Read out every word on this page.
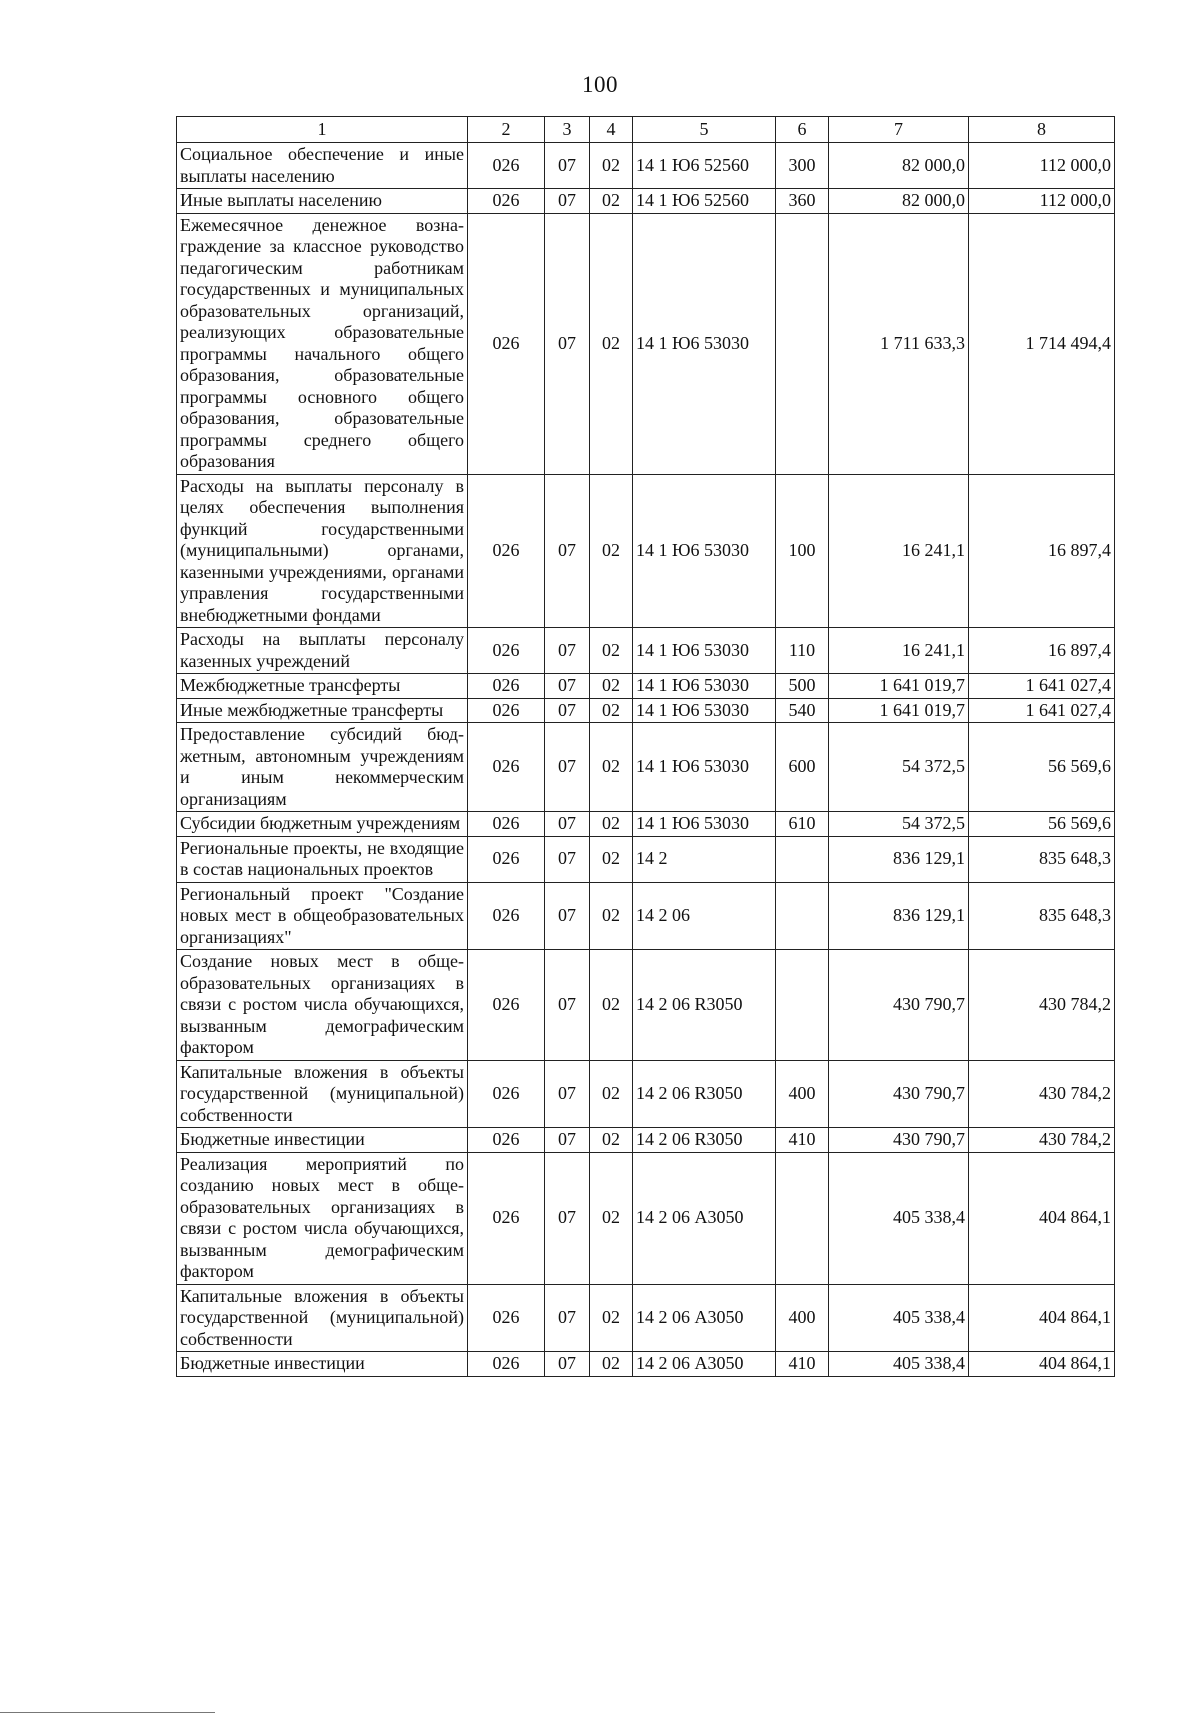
100
1	2	3	4	5	6	7	8
Социальное обеспечение и иные выплаты населению	026	07	02	14 1 Ю6 52560	300	82 000,0	112 000,0
Иные выплаты населению	026	07	02	14 1 Ю6 52560	360	82 000,0	112 000,0
Ежемесячное денежное вознаграждение за классное руководство педагогическим работникам государственных и муниципальных образовательных организаций, реализующих образовательные программы начального общего образования, образовательные программы основного общего образования, образовательные программы среднего общего образования	026	07	02	14 1 Ю6 53030		1 711 633,3	1 714 494,4
Расходы на выплаты персоналу в целях обеспечения выполнения функций государственными (муниципальными) органами, казенными учреждениями, органами управления государственными внебюджетными фондами	026	07	02	14 1 Ю6 53030	100	16 241,1	16 897,4
Расходы на выплаты персоналу казенных учреждений	026	07	02	14 1 Ю6 53030	110	16 241,1	16 897,4
Межбюджетные трансферты	026	07	02	14 1 Ю6 53030	500	1 641 019,7	1 641 027,4
Иные межбюджетные трансферты	026	07	02	14 1 Ю6 53030	540	1 641 019,7	1 641 027,4
Предоставление субсидий бюджетным, автономным учреждениям и иным некоммерческим организациям	026	07	02	14 1 Ю6 53030	600	54 372,5	56 569,6
Субсидии бюджетным учреждениям	026	07	02	14 1 Ю6 53030	610	54 372,5	56 569,6
Региональные проекты, не входящие в состав национальных проектов	026	07	02	14 2		836 129,1	835 648,3
Региональный проект "Создание новых мест в общеобразовательных организациях"	026	07	02	14 2 06		836 129,1	835 648,3
Создание новых мест в общеобразовательных организациях в связи с ростом числа обучающихся, вызванным демографическим фактором	026	07	02	14 2 06 R3050		430 790,7	430 784,2
Капитальные вложения в объекты государственной (муниципальной) собственности	026	07	02	14 2 06 R3050	400	430 790,7	430 784,2
Бюджетные инвестиции	026	07	02	14 2 06 R3050	410	430 790,7	430 784,2
Реализация мероприятий по созданию новых мест в общеобразовательных организациях в связи с ростом числа обучающихся, вызванным демографическим фактором	026	07	02	14 2 06 А3050		405 338,4	404 864,1
Капитальные вложения в объекты государственной (муниципальной) собственности	026	07	02	14 2 06 А3050	400	405 338,4	404 864,1
Бюджетные инвестиции	026	07	02	14 2 06 А3050	410	405 338,4	404 864,1
